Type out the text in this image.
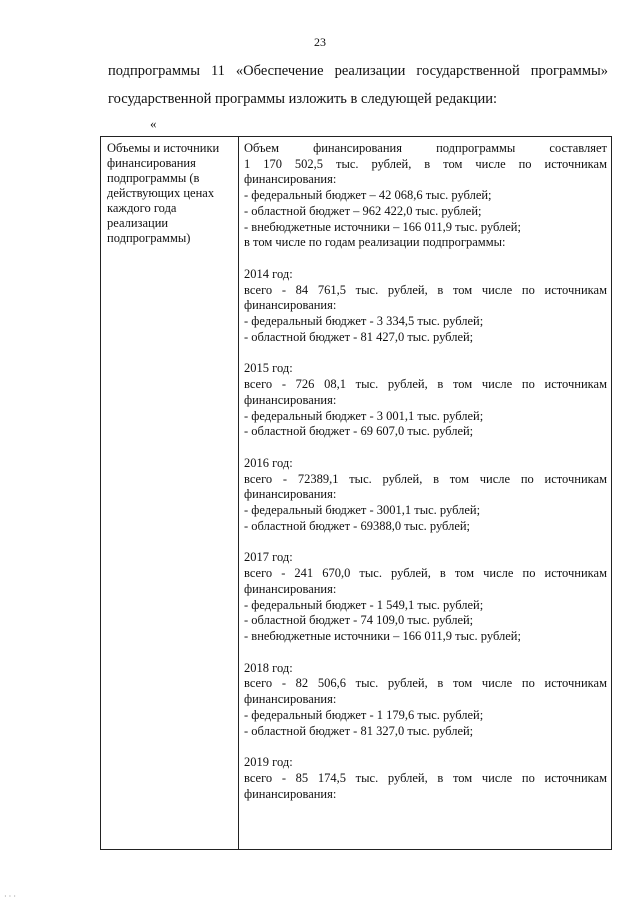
23
подпрограммы 11 «Обеспечение реализации государственной программы»
государственной программы изложить в следующей редакции:
«
Объемы и источники финансирования подпрограммы (в действующих ценах каждого года реализации подпрограммы)

Объем финансирования подпрограммы составляет

1 170 502,5 тыс. рублей, в том числе по источникам

финансирования:

- федеральный бюджет – 42 068,6 тыс. рублей;

- областной бюджет – 962 422,0 тыс. рублей;

- внебюджетные источники – 166 011,9 тыс. рублей;

в том числе по годам реализации подпрограммы:

2014 год:

всего - 84 761,5 тыс. рублей, в том числе по источникам

финансирования:

- федеральный бюджет - 3 334,5 тыс. рублей;

- областной бюджет - 81 427,0 тыс. рублей;

2015 год:

всего - 726 08,1 тыс. рублей, в том числе по источникам

финансирования:

- федеральный бюджет - 3 001,1 тыс. рублей;

- областной бюджет - 69 607,0 тыс. рублей;

2016 год:

всего - 72389,1 тыс. рублей, в том числе по источникам

финансирования:

- федеральный бюджет - 3001,1 тыс. рублей;

- областной бюджет - 69388,0 тыс. рублей;

2017 год:

всего - 241 670,0 тыс. рублей, в том числе по источникам

финансирования:

- федеральный бюджет - 1 549,1 тыс. рублей;

- областной бюджет - 74 109,0 тыс. рублей;

- внебюджетные источники – 166 011,9 тыс. рублей;

2018 год:

всего - 82 506,6 тыс. рублей, в том числе по источникам

финансирования:

- федеральный бюджет - 1 179,6 тыс. рублей;

- областной бюджет - 81 327,0 тыс. рублей;

2019 год:

всего - 85 174,5 тыс. рублей, в том числе по источникам

финансирования:

· · ·
